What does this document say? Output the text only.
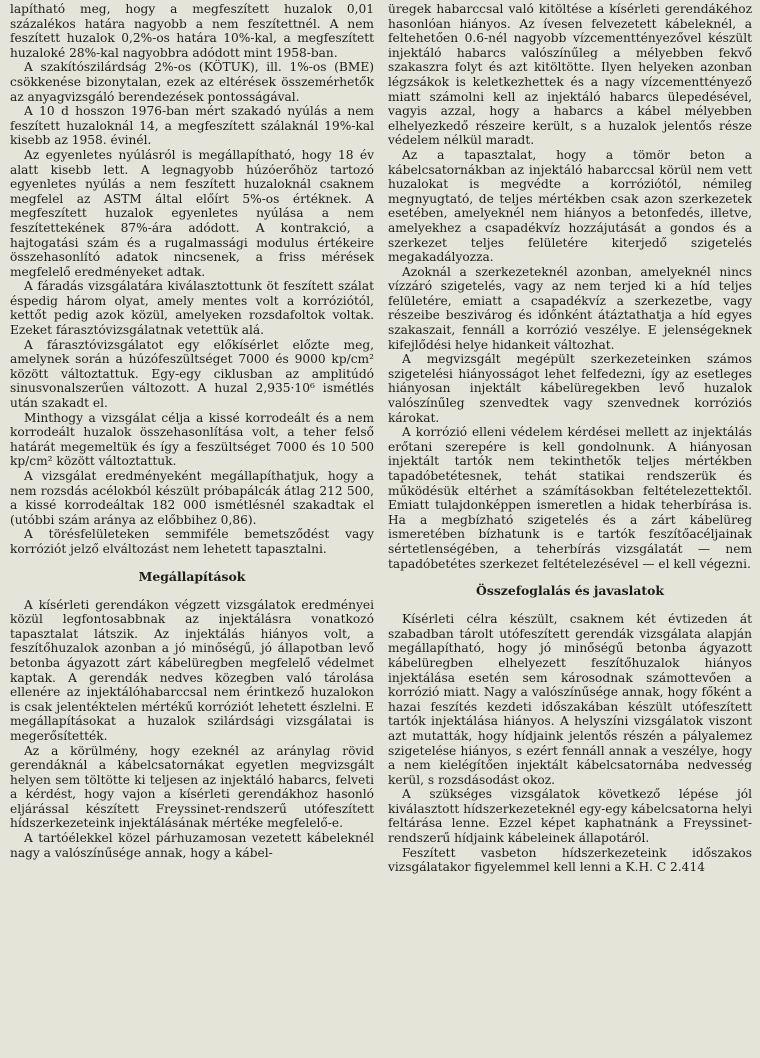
lapítható meg, hogy a megfeszített huzalok 0,01 százalékos határa nagyobb a nem feszítettnél. A nem feszített huzalok 0,2%-os határa 10%-kal, a megfeszített huzaloké 28%-kal nagyobbra adódott mint 1958-ban.

A szakítószilárdság 2%-os (KÖTUK), ill. 1%-os (BME) csökkenése bizonytalan, ezek az eltérések összemérhetők az anyagvizsgáló berendezések pontosságával.

A 10 d hosszon 1976-ban mért szakadó nyúlás a nem feszített huzaloknál 14, a megfeszített szálaknál 19%-kal kisebb az 1958. évinél.

Az egyenletes nyúlásról is megállapítható, hogy 18 év alatt kisebb lett. A legnagyobb húzóerőhöz tartozó egyenletes nyúlás a nem feszített huzaloknál csaknem megfelel az ASTM által előírt 5%-os értéknek. A megfeszített huzalok egyenletes nyúlása a nem feszítettekének 87%-ára adódott. A kontrakció, a hajtogatási szám és a rugalmassági modulus értékeire összehasonlító adatok nincsenek, a friss mérések megfelelő eredményeket adtak.

A fáradás vizsgálatára kiválasztottunk öt feszített szálat éspedig három olyat, amely mentes volt a korróziótól, kettőt pedig azok közül, amelyeken rozsdafoltok voltak. Ezeket fárasztóvizsgálatnak vetettük alá.

A fárasztóvizsgálatot egy előkísérlet előzte meg, amelynek során a húzófeszültséget 7000 és 9000 kp/cm² között változtattuk. Egy-egy ciklusban az amplitúdó sinusvonalszerűen változott. A huzal 2,935·10⁶ ismétlés után szakadt el.

Minthogy a vizsgálat célja a kissé korrodeált és a nem korrodeált huzalok összehasonlítása volt, a teher felső határát megemeltük és így a feszültséget 7000 és 10 500 kp/cm² között változtattuk.

A vizsgálat eredményeként megállapíthatjuk, hogy a nem rozsdás acélokból készült próbapálcák átlag 212 500, a kissé korrodeáltak 182 000 ismétlésnél szakadtak el (utóbbi szám aránya az előbbihez 0,86).

A törésfelületeken semmiféle bemetsződést vagy korróziót jelző elváltozást nem lehetett tapasztalni.

Megállapítások

A kísérleti gerendákon végzett vizsgálatok eredményei közül legfontosabbnak az injektálásra vonatkozó tapasztalat látszik. Az injektálás hiányos volt, a feszítőhuzalok azonban a jó minőségű, jó állapotban levő betonba ágyazott zárt kábelüregben megfelelő védelmet kaptak. A gerendák nedves közegben való tárolása ellenére az injektálóhabarccsal nem érintkező huzalokon is csak jelentéktelen mértékű korróziót lehetett észlelni. E megállapításokat a huzalok szilárdsági vizsgálatai is megerősítették.

Az a körülmény, hogy ezeknél az aránylag rövid gerendáknál a kábelcsatornákat egyetlen megvizsgált helyen sem töltötte ki teljesen az injektáló habarcs, felveti a kérdést, hogy vajon a kísérleti gerendákhoz hasonló eljárással készített Freyssinet-rendszerű utófeszített hídszerkezeteink injektálásának mértéke megfelelő-e.

A tartóélekkel közel párhuzamosan vezetett kábeleknél nagy a valószínűsége annak, hogy a kábel-

üregek habarccsal való kitöltése a kísérleti gerendákéhoz hasonlóan hiányos. Az ívesen felvezetett kábeleknél, a feltehetően 0.6-nél nagyobb vízcementtényezővel készült injektáló habarcs valószínűleg a mélyebben fekvő szakaszra folyt és azt kitöltötte. Ilyen helyeken azonban légzsákok is keletkezhettek és a nagy vízcementtényező miatt számolni kell az injektáló habarcs ülepedésével, vagyis azzal, hogy a habarcs a kábel mélyebben elhelyezkedő részeire került, s a huzalok jelentős része védelem nélkül maradt.

Az a tapasztalat, hogy a tömör beton a kábelcsatornákban az injektáló habarccsal körül nem vett huzalokat is megvédte a korróziótól, némileg megnyugtató, de teljes mértékben csak azon szerkezetek esetében, amelyeknél nem hiányos a betonfedés, illetve, amelyekhez a csapadékvíz hozzájutását a gondos és a szerkezet teljes felületére kiterjedő szigetelés megakadályozza.

Azoknál a szerkezeteknél azonban, amelyeknél nincs vízzáró szigetelés, vagy az nem terjed ki a híd teljes felületére, emiatt a csapadékvíz a szerkezetbe, vagy részeibe beszivárog és időnként átáztathatja a híd egyes szakaszait, fennáll a korrózió veszélye. E jelenségeknek kifejlődési helye hidankeit változhat.

A megvizsgált megépült szerkezeteinken számos szigetelési hiányosságot lehet felfedezni, így az esetleges hiányosan injektált kábelüregekben levő huzalok valószínűleg szenvedtek vagy szenvednek korróziós károkat.

A korrózió elleni védelem kérdései mellett az injektálás erőtani szerepére is kell gondolnunk. A hiányosan injektált tartók nem tekinthetők teljes mértékben tapadóbetétesnek, tehát statikai rendszerük és működésük eltérhet a számításokban feltételezettektől. Emiatt tulajdonképpen ismeretlen a hidak teherbírása is. Ha a megbízható szigetelés és a zárt kábelüreg ismeretében bízhatunk is e tartók feszítőacéljainak sértetlenségében, a teherbírás vizsgálatát — nem tapadóbetétes szerkezet feltételezésével — el kell végezni.

Összefoglalás és javaslatok

Kísérleti célra készült, csaknem két évtizeden át szabadban tárolt utófeszített gerendák vizsgálata alapján megállapítható, hogy jó minőségű betonba ágyazott kábelüregben elhelyezett feszítőhuzalok hiányos injektálása esetén sem károsodnak számottevően a korrózió miatt. Nagy a valószínűsége annak, hogy főként a hazai feszítés kezdeti időszakában készült utófeszített tartók injektálása hiányos. A helyszíni vizsgálatok viszont azt mutatták, hogy hídjaink jelentős részén a pályalemez szigetelése hiányos, s ezért fennáll annak a veszélye, hogy a nem kielégítően injektált kábelcsatornába nedvesség kerül, s rozsdásodást okoz.

A szükséges vizsgálatok következő lépése jól kiválasztott hídszerkezeteknél egy-egy kábelcsatorna helyi feltárása lenne. Ezzel képet kaphatnánk a Freyssinet-rendszerű hídjaink kábeleinek állapotáról.

Feszített vasbeton hídszerkezeteink időszakos vizsgálatakor figyelemmel kell lenni a K.H. C 2.414
